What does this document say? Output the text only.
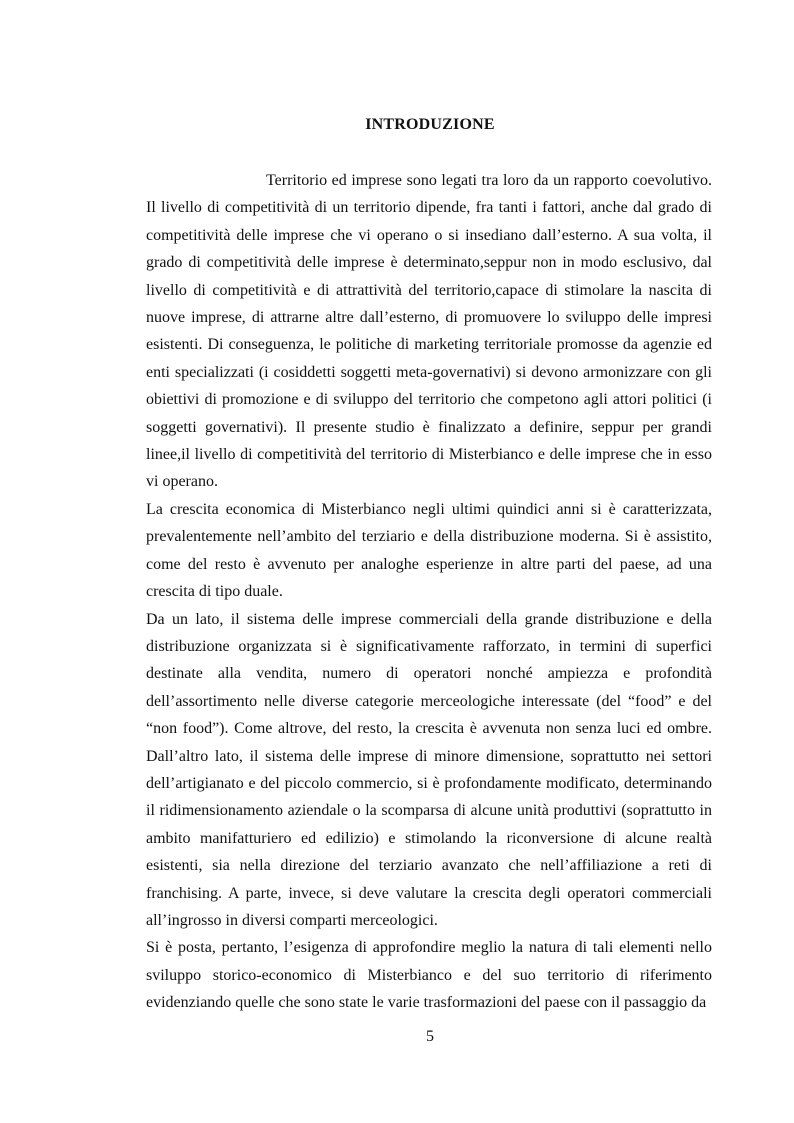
INTRODUZIONE

Territorio ed imprese sono legati tra loro da un rapporto coevolutivo. Il livello di competitività di un territorio dipende, fra tanti i fattori, anche dal grado di competitività delle imprese che vi operano o si insediano dall’esterno. A sua volta, il grado di competitività delle imprese è determinato,seppur non in modo esclusivo, dal livello di competitività e di attrattività del territorio,capace di stimolare la nascita di nuove imprese, di attrarne altre dall’esterno, di promuovere lo sviluppo delle impresi esistenti. Di conseguenza, le politiche di marketing territoriale promosse da agenzie ed enti specializzati (i cosiddetti soggetti meta-governativi) si devono armonizzare con gli obiettivi di promozione e di sviluppo del territorio che competono agli attori politici (i soggetti governativi). Il presente studio è finalizzato a definire, seppur per grandi linee,il livello di competitività del territorio di Misterbianco e delle imprese che in esso vi operano.

La crescita economica di Misterbianco negli ultimi quindici anni si è caratterizzata, prevalentemente nell’ambito del terziario e della distribuzione moderna. Si è assistito, come del resto è avvenuto per analoghe esperienze in altre parti del paese, ad una crescita di tipo duale.

Da un lato, il sistema delle imprese commerciali della grande distribuzione e della distribuzione organizzata si è significativamente rafforzato, in termini di superfici destinate alla vendita, numero di operatori nonché ampiezza e profondità dell’assortimento nelle diverse categorie merceologiche interessate (del “food” e del “non food”). Come altrove, del resto, la crescita è avvenuta non senza luci ed ombre. Dall’altro lato, il sistema delle imprese di minore dimensione, soprattutto nei settori dell’artigianato e del piccolo commercio, si è profondamente modificato, determinando il ridimensionamento aziendale o la scomparsa di alcune unità produttivi (soprattutto in ambito manifatturiero ed edilizio) e stimolando la riconversione di alcune realtà esistenti, sia nella direzione del terziario avanzato che nell’affiliazione a reti di franchising. A parte, invece, si deve valutare la crescita degli operatori commerciali all’ingrosso in diversi comparti merceologici.

Si è posta, pertanto, l’esigenza di approfondire meglio la natura di tali elementi nello sviluppo storico-economico di Misterbianco e del suo territorio di riferimento evidenziando quelle che sono state le varie trasformazioni del paese con il passaggio da

5
